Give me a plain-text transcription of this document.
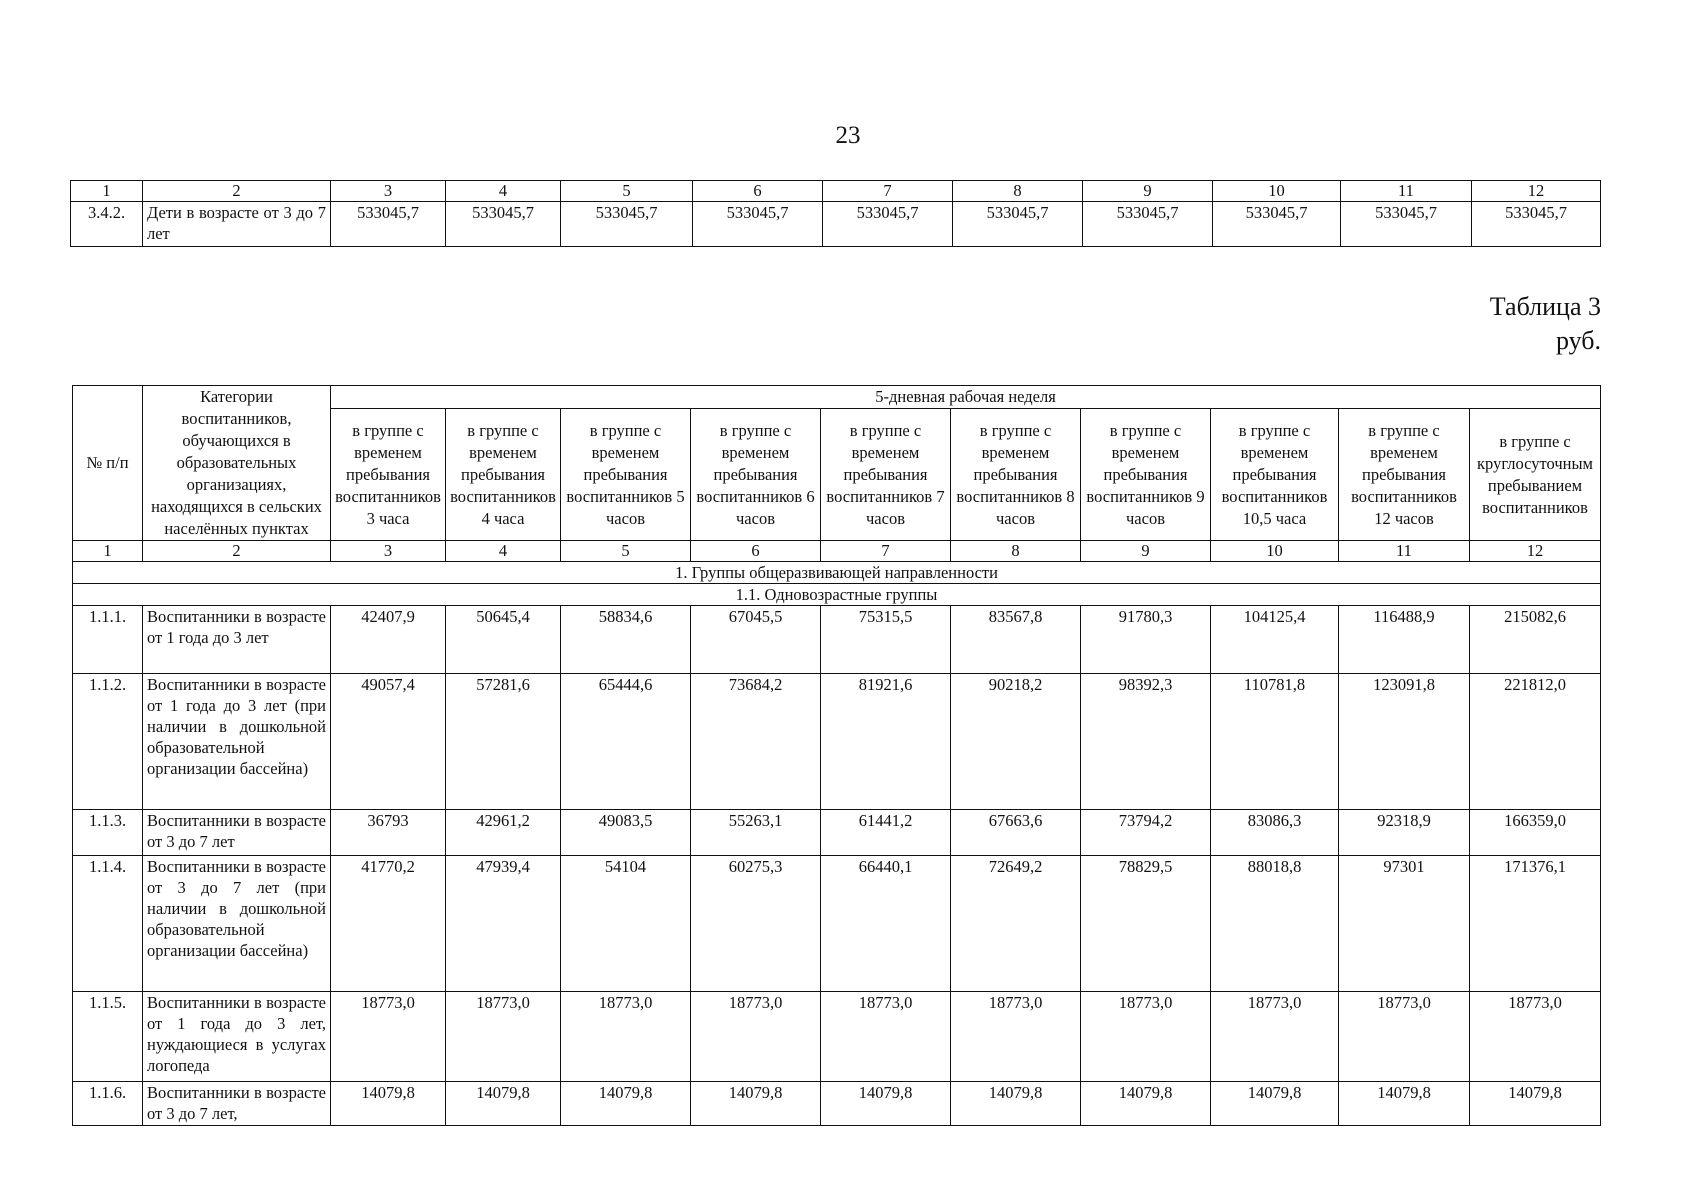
23
1	2	3	4	5	6	7	8	9	10	11	12
3.4.2.	Дети в возрасте от 3 до 7 лет	533045,7	533045,7	533045,7	533045,7	533045,7	533045,7	533045,7	533045,7	533045,7	533045,7
Таблица 3
руб.
№ п/п	Категории воспитанников, обучающихся в образовательных организациях, находящихся в сельских населённых пунктах	5-дневная рабочая неделя									
		в группе с временем пребывания воспитанников 3 часа	в группе с временем пребывания воспитанников 4 часа	в группе с временем пребывания воспитанников 5 часов	в группе с временем пребывания воспитанников 6 часов	в группе с временем пребывания воспитанников 7 часов	в группе с временем пребывания воспитанников 8 часов	в группе с временем пребывания воспитанников 9 часов	в группе с временем пребывания воспитанников 10,5 часа	в группе с временем пребывания воспитанников 12 часов	в группе с круглосуточным пребыванием воспитанников
1	2	3	4	5	6	7	8	9	10	11	12
1. Группы общеразвивающей направленности											
1.1. Одновозрастные группы											
1.1.1.	Воспитанники в возрасте от 1 года до 3 лет	42407,9	50645,4	58834,6	67045,5	75315,5	83567,8	91780,3	104125,4	116488,9	215082,6
1.1.2.	Воспитанники в возрасте от 1 года до 3 лет (при наличии в дошкольной образовательной организации бассейна)	49057,4	57281,6	65444,6	73684,2	81921,6	90218,2	98392,3	110781,8	123091,8	221812,0
1.1.3.	Воспитанники в возрасте от 3 до 7 лет	36793	42961,2	49083,5	55263,1	61441,2	67663,6	73794,2	83086,3	92318,9	166359,0
1.1.4.	Воспитанники в возрасте от 3 до 7 лет (при наличии в дошкольной образовательной организации бассейна)	41770,2	47939,4	54104	60275,3	66440,1	72649,2	78829,5	88018,8	97301	171376,1
1.1.5.	Воспитанники в возрасте от 1 года до 3 лет, нуждающиеся в услугах логопеда	18773,0	18773,0	18773,0	18773,0	18773,0	18773,0	18773,0	18773,0	18773,0	18773,0
1.1.6.	Воспитанники в возрасте от 3 до 7 лет,	14079,8	14079,8	14079,8	14079,8	14079,8	14079,8	14079,8	14079,8	14079,8	14079,8
